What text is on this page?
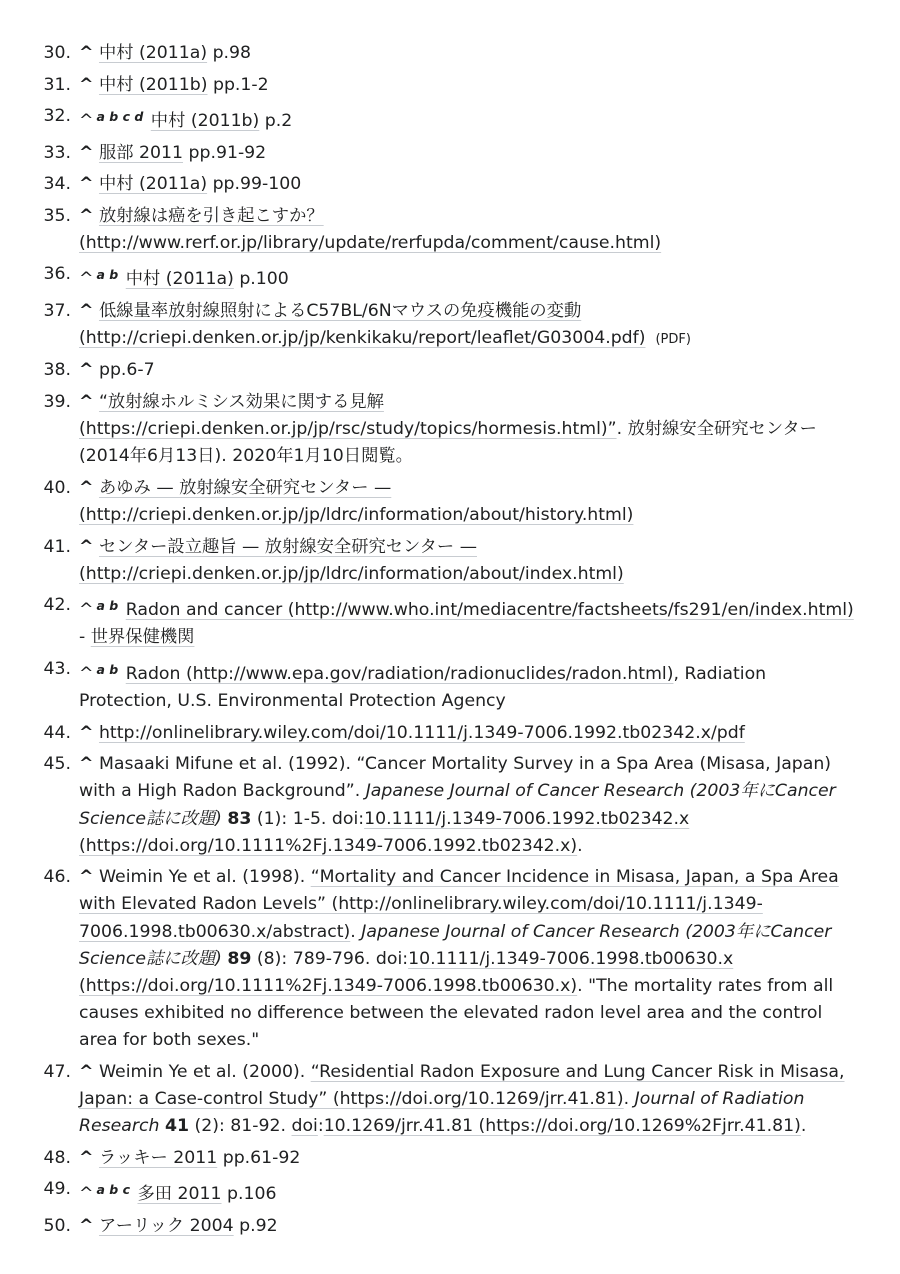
30. ^ 中村 (2011a) p.98
31. ^ 中村 (2011b) pp.1-2
32. ^ $^{a b c d}$ 中村 (2011b) p.2
33. ^ 服部 2011 pp.91-92
34. ^ 中村 (2011a) pp.99-100
35. ^ 放射線は癌を引き起こすか？ (http://www.rerf.or.jp/library/update/rerfupda/comment/cause.html)
36. ^ $^{a b}$ 中村 (2011a) p.100
37. ^ 低線量率放射線照射によるC57BL/6Nマウスの免疫機能の変動 (http://criepi.denken.or.jp/jp/kenkikaku/report/leaflet/G03004.pdf) (PDF)
38. ^ pp.6-7
39. ^ “放射線ホルミシス効果に関する見解 (https://criepi.denken.or.jp/jp/rsc/study/topics/hormesis.html)”. 放射線安全研究センター (2014年6月13日). 2020年1月10日閲覧。
40. ^ あゆみ — 放射線安全研究センター — (http://criepi.denken.or.jp/jp/ldrc/information/about/history.html)
41. ^ センター設立趣旨 — 放射線安全研究センター — (http://criepi.denken.or.jp/jp/ldrc/information/about/index.html)
42. ^ $^{a b}$ Radon and cancer (http://www.who.int/mediacentre/factsheets/fs291/en/index.html) - 世界保健機関
43. ^ $^{a b}$ Radon (http://www.epa.gov/radiation/radionuclides/radon.html), Radiation Protection, U.S. Environmental Protection Agency
44. ^ http://onlinelibrary.wiley.com/doi/10.1111/j.1349-7006.1992.tb02342.x/pdf
45. ^ Masaaki Mifune et al. (1992). “Cancer Mortality Survey in a Spa Area (Misasa, Japan) with a High Radon Background”. Japanese Journal of Cancer Research (2003年にCancer Science誌に改題) 83 (1): 1-5. doi:10.1111/j.1349-7006.1992.tb02342.x (https://doi.org/10.1111%2Fj.1349-7006.1992.tb02342.x).
46. ^ Weimin Ye et al. (1998). “Mortality and Cancer Incidence in Misasa, Japan, a Spa Area with Elevated Radon Levels” (http://onlinelibrary.wiley.com/doi/10.1111/j.1349-7006.1998.tb00630.x/abstract). Japanese Journal of Cancer Research (2003年にCancer Science誌に改題) 89 (8): 789-796. doi:10.1111/j.1349-7006.1998.tb00630.x (https://doi.org/10.1111%2Fj.1349-7006.1998.tb00630.x). "The mortality rates from all causes exhibited no difference between the elevated radon level area and the control area for both sexes."
47. ^ Weimin Ye et al. (2000). “Residential Radon Exposure and Lung Cancer Risk in Misasa, Japan: a Case-control Study” (https://doi.org/10.1269/jrr.41.81). Journal of Radiation Research 41 (2): 81-92. doi:10.1269/jrr.41.81 (https://doi.org/10.1269%2Fjrr.41.81).
48. ^ ラッキー 2011 pp.61-92
49. ^ $^{a b c}$ 多田 2011 p.106
50. ^ アーリック 2004 p.92
